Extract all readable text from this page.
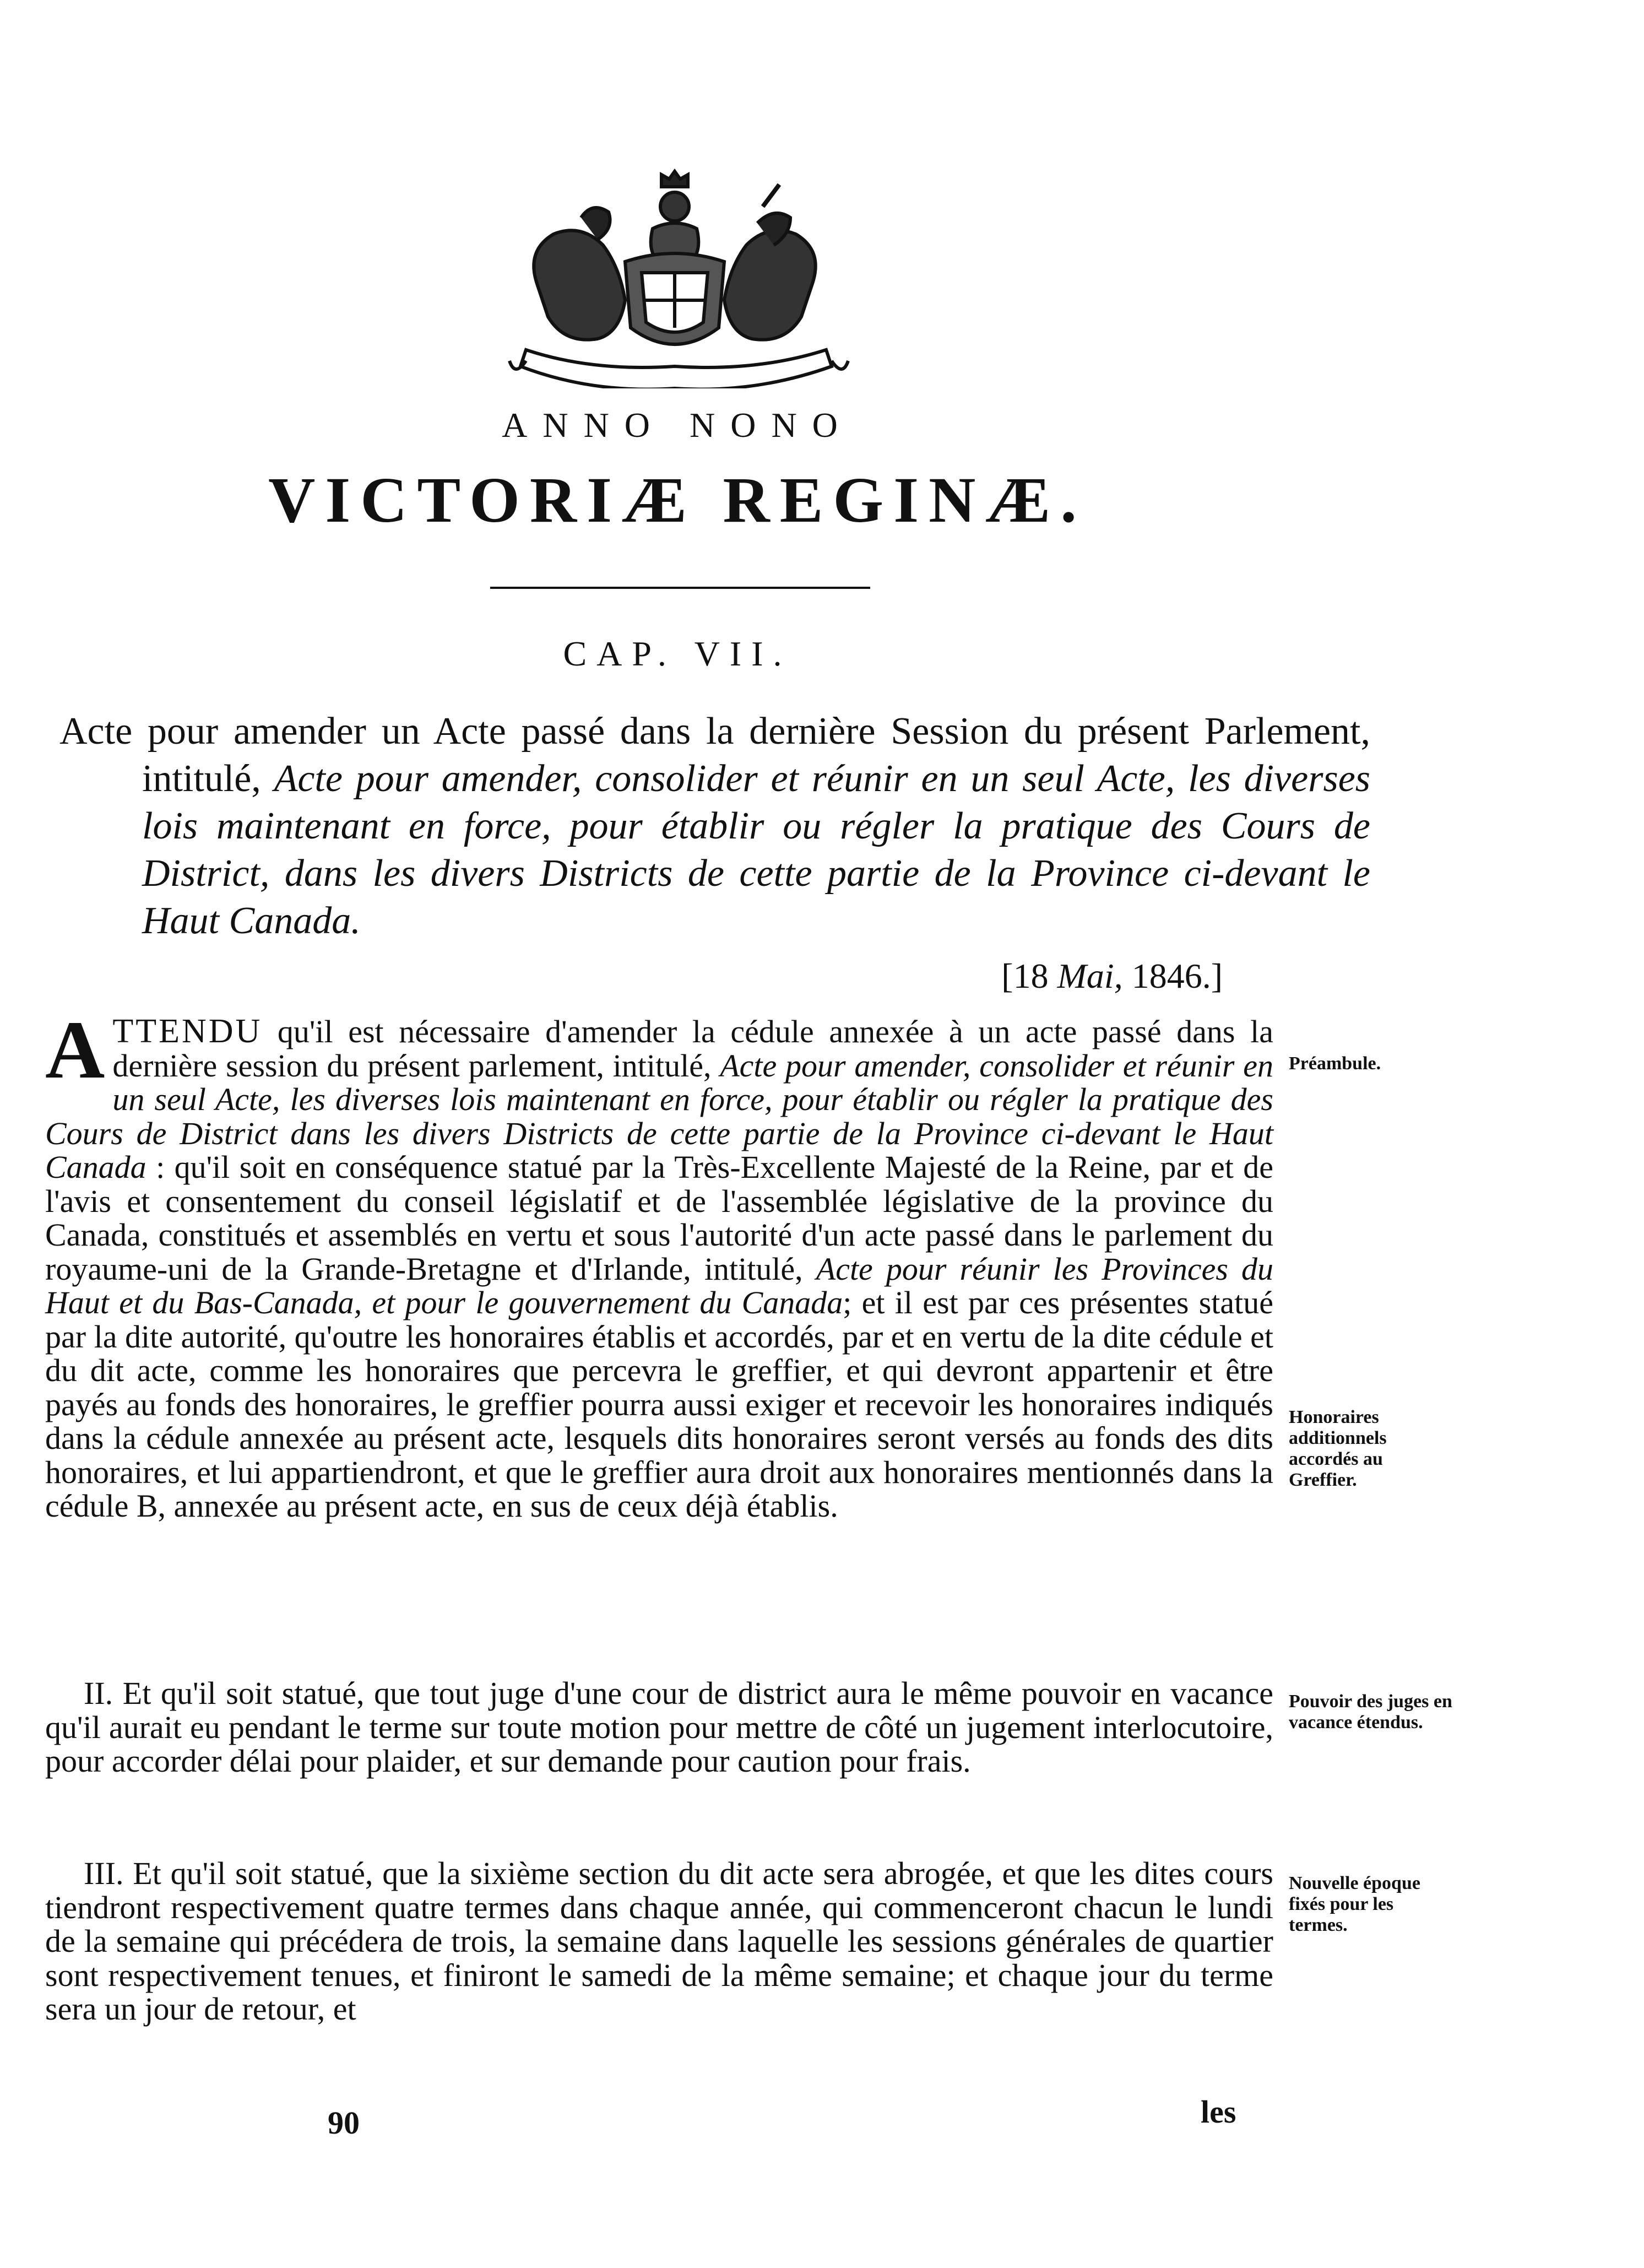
ANNO NONO
VICTORIÆ REGINÆ.
CAP. VII.
Acte pour amender un Acte passé dans la dernière Session du présent Parlement, intitulé, Acte pour amender, consolider et réunir en un seul Acte, les diverses lois maintenant en force, pour établir ou régler la pratique des Cours de District, dans les divers Districts de cette partie de la Province ci-devant le Haut Canada.
[18 Mai, 1846.]
ATTENDU qu'il est nécessaire d'amender la cédule annexée à un acte passé dans la dernière session du présent parlement, intitulé, Acte pour amender, consolider et réunir en un seul Acte, les diverses lois maintenant en force, pour établir ou régler la pratique des Cours de District dans les divers Districts de cette partie de la Province ci-devant le Haut Canada : qu'il soit en conséquence statué par la Très-Excellente Majesté de la Reine, par et de l'avis et consentement du conseil législatif et de l'assemblée législative de la province du Canada, constitués et assemblés en vertu et sous l'autorité d'un acte passé dans le parlement du royaume-uni de la Grande-Bretagne et d'Irlande, intitulé, Acte pour réunir les Provinces du Haut et du Bas-Canada, et pour le gouvernement du Canada; et il est par ces présentes statué par la dite autorité, qu'outre les honoraires établis et accordés, par et en vertu de la dite cédule et du dit acte, comme les honoraires que percevra le greffier, et qui devront appartenir et être payés au fonds des honoraires, le greffier pourra aussi exiger et recevoir les honoraires indiqués dans la cédule annexée au présent acte, lesquels dits honoraires seront versés au fonds des dits honoraires, et lui appartiendront, et que le greffier aura droit aux honoraires mentionnés dans la cédule B, annexée au présent acte, en sus de ceux déjà établis.
II. Et qu'il soit statué, que tout juge d'une cour de district aura le même pouvoir en vacance qu'il aurait eu pendant le terme sur toute motion pour mettre de côté un jugement interlocutoire, pour accorder délai pour plaider, et sur demande pour caution pour frais.
III. Et qu'il soit statué, que la sixième section du dit acte sera abrogée, et que les dites cours tiendront respectivement quatre termes dans chaque année, qui commenceront chacun le lundi de la semaine qui précédera de trois, la semaine dans laquelle les sessions générales de quartier sont respectivement tenues, et finiront le samedi de la même semaine; et chaque jour du terme sera un jour de retour, et
Préambule.
Honoraires additionnels accordés au Greffier.
Pouvoir des juges en vacance étendus.
Nouvelle époque fixés pour les termes.
90	les
